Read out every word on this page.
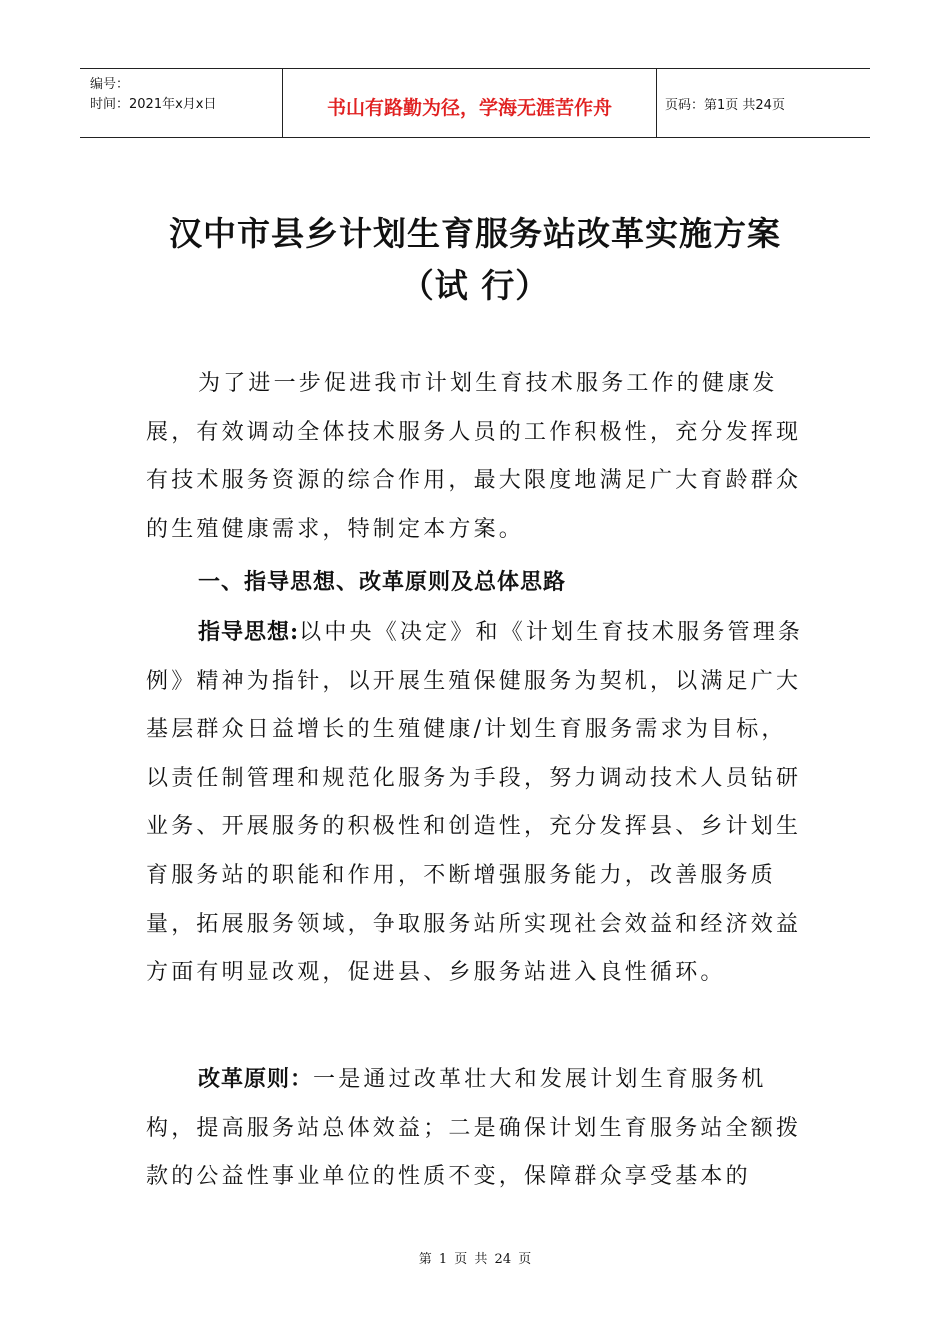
编号：
时间：2021年x月x日	书山有路勤为径，学海无涯苦作舟	页码：第1页 共24页
汉中市县乡计划生育服务站改革实施方案
（试 行）

为了进一步促进我市计划生育技术服务工作的健康发展，有效调动全体技术服务人员的工作积极性，充分发挥现有技术服务资源的综合作用，最大限度地满足广大育龄群众的生殖健康需求，特制定本方案。

一、指导思想、改革原则及总体思路

指导思想:以中央《决定》和《计划生育技术服务管理条例》精神为指针，以开展生殖保健服务为契机，以满足广大基层群众日益增长的生殖健康/计划生育服务需求为目标，以责任制管理和规范化服务为手段，努力调动技术人员钻研业务、开展服务的积极性和创造性，充分发挥县、乡计划生育服务站的职能和作用，不断增强服务能力，改善服务质量，拓展服务领域，争取服务站所实现社会效益和经济效益方面有明显改观，促进县、乡服务站进入良性循环。

改革原则：一是通过改革壮大和发展计划生育服务机构，提高服务站总体效益；二是确保计划生育服务站全额拨款的公益性事业单位的性质不变，保障群众享受基本的

第 1 页 共 24 页
